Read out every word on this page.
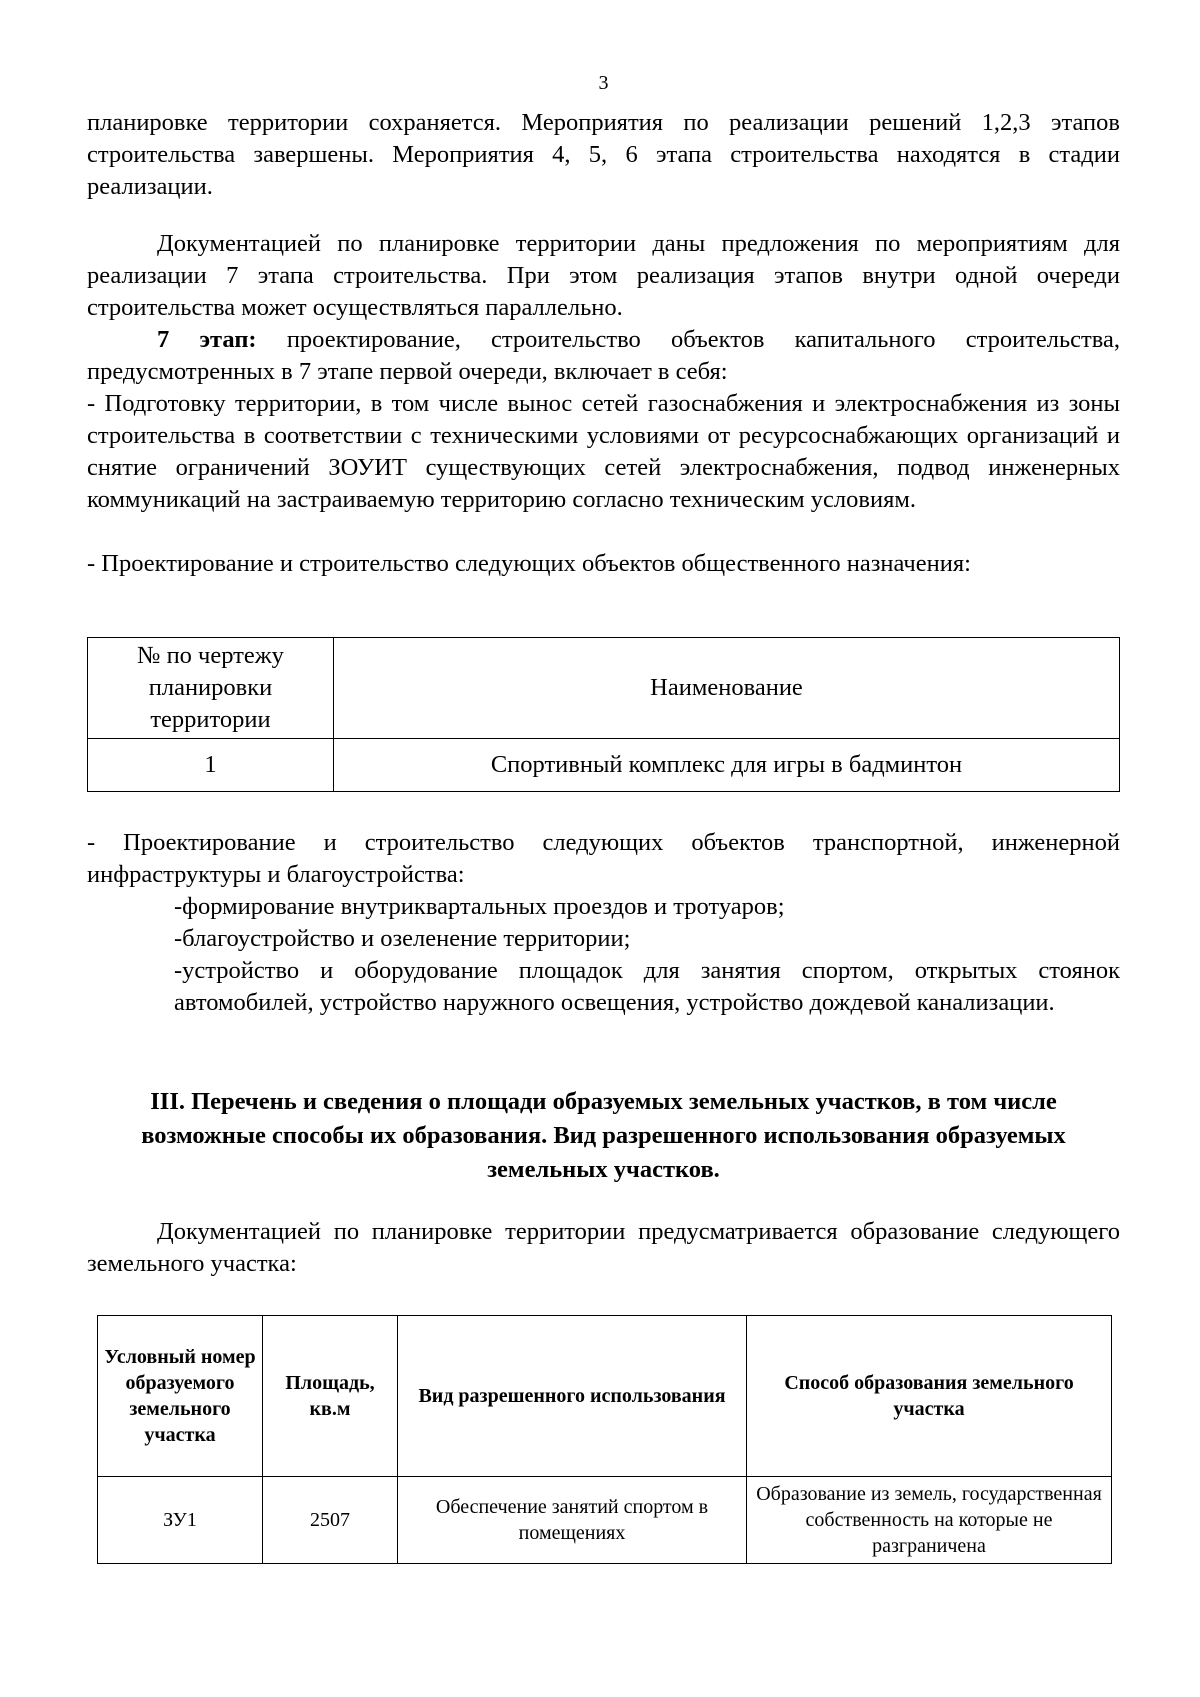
3

планировке территории сохраняется. Мероприятия по реализации решений 1,2,3 этапов строительства завершены. Мероприятия 4, 5, 6 этапа строительства находятся в стадии реализации.

Документацией по планировке территории даны предложения по мероприятиям для реализации 7 этапа строительства. При этом реализация этапов внутри одной очереди строительства может осуществляться параллельно.

7 этап: проектирование, строительство объектов капитального строительства, предусмотренных в 7 этапе первой очереди, включает в себя:

- Подготовку территории, в том числе вынос сетей газоснабжения и электроснабжения из зоны строительства в соответствии с техническими условиями от ресурсоснабжающих организаций и снятие ограничений ЗОУИТ существующих сетей электроснабжения, подвод инженерных коммуникаций на застраиваемую территорию согласно техническим условиям.

- Проектирование и строительство следующих объектов общественного назначения:

№ по чертежу планировки территории	Наименование
1	Спортивный комплекс для игры в бадминтон

- Проектирование и строительство следующих объектов транспортной, инженерной инфраструктуры и благоустройства:

-формирование внутриквартальных проездов и тротуаров;

-благоустройство и озеленение территории;

-устройство и оборудование площадок для занятия спортом, открытых стоянок автомобилей, устройство наружного освещения, устройство дождевой канализации.

III. Перечень и сведения о площади образуемых земельных участков, в том числе возможные способы их образования. Вид разрешенного использования образуемых земельных участков.

Документацией по планировке территории предусматривается образование следующего земельного участка:

Условный номер образуемого земельного участка	Площадь, кв.м	Вид разрешенного использования	Способ образования земельного участка
ЗУ1	2507	Обеспечение занятий спортом в помещениях	Образование из земель, государственная собственность на которые не разграничена
